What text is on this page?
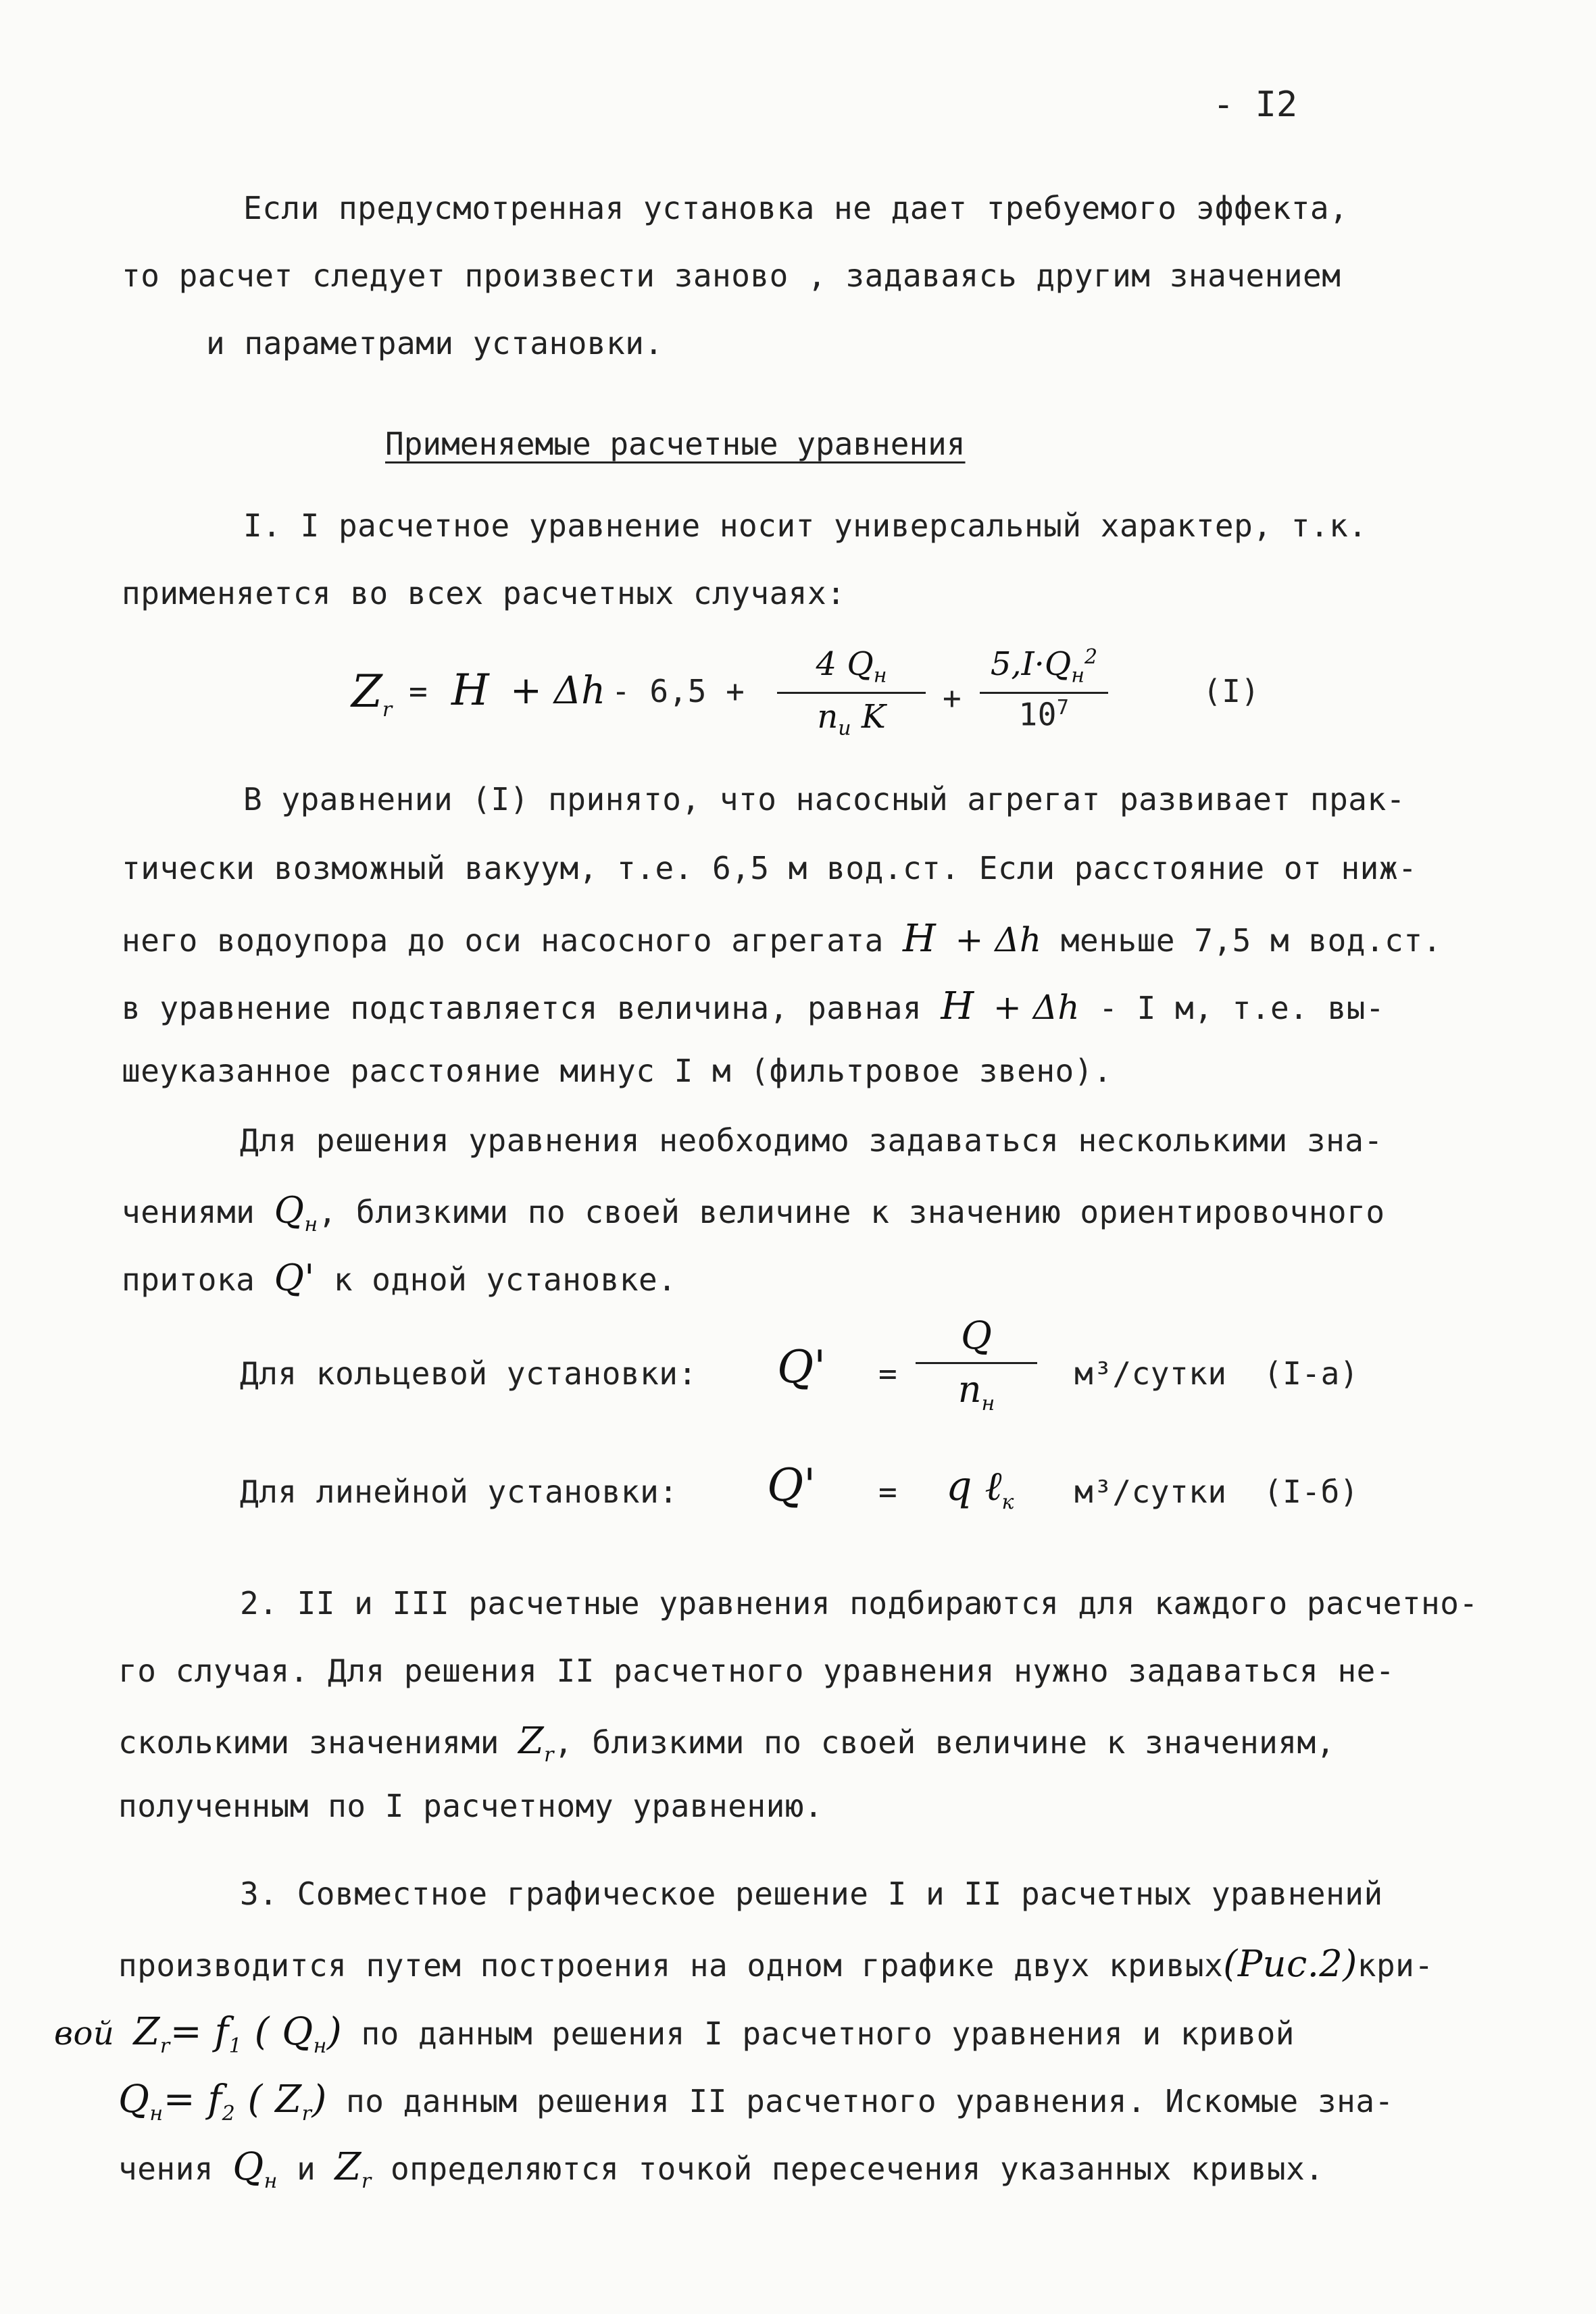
- I2
Если предусмотренная установка не дает требуемого эффекта,
то расчет следует произвести заново , задаваясь другим значением
и параметрами установки.
Применяемые расчетные уравнения
I. I расчетное уравнение носит универсальный характер, т.к.
применяется во всех расчетных случаях:
$Z_r$
= H + Δh - 6,5 +
4 $Q_н$
$n_и$ K	+
$5,I\cdot Q_н^2$
$10^7$	(I)
В уравнении (I) принято, что насосный агрегат развивает прак-
тически возможный вакуум, т.е. 6,5 м вод.ст. Если расстояние от ниж-
него водоупора до оси насосного агрегата H + Δh меньше 7,5 м вод.ст.
в уравнение подставляется величина, равная H + Δh - I м, т.е. вы-
шеуказанное расстояние минус I м (фильтровое звено).
Для решения уравнения необходимо задаваться несколькими зна-
чениями $Q_н$, близкими по своей величине к значению ориентировочного
притока Q' к одной установке.
Для кольцевой установки: Q' =
Q
$n_н$
м³/сутки (I-а)
Для линейной установки: Q' = q ℓ$_к$ м³/сутки (I-б)
2. II и III расчетные уравнения подбираются для каждого расчетно-
го случая. Для решения II расчетного уравнения нужно задаваться не-
сколькими значениями $Z_r$, близкими по своей величине к значениям,
полученным по I расчетному уравнению.
3. Совместное графическое решение I и II расчетных уравнений
производится путем построения на одном графике двух кривых(Рис.2)кри-
вой $Z_r= f_1$ ( $Q_н$) по данным решения I расчетного уравнения и кривой
$Q_н= f_2$ ( $Z_r$) по данным решения II расчетного уравнения. Искомые зна-
чения $Q_н$ и $Z_r$ определяются точкой пересечения указанных кривых.
